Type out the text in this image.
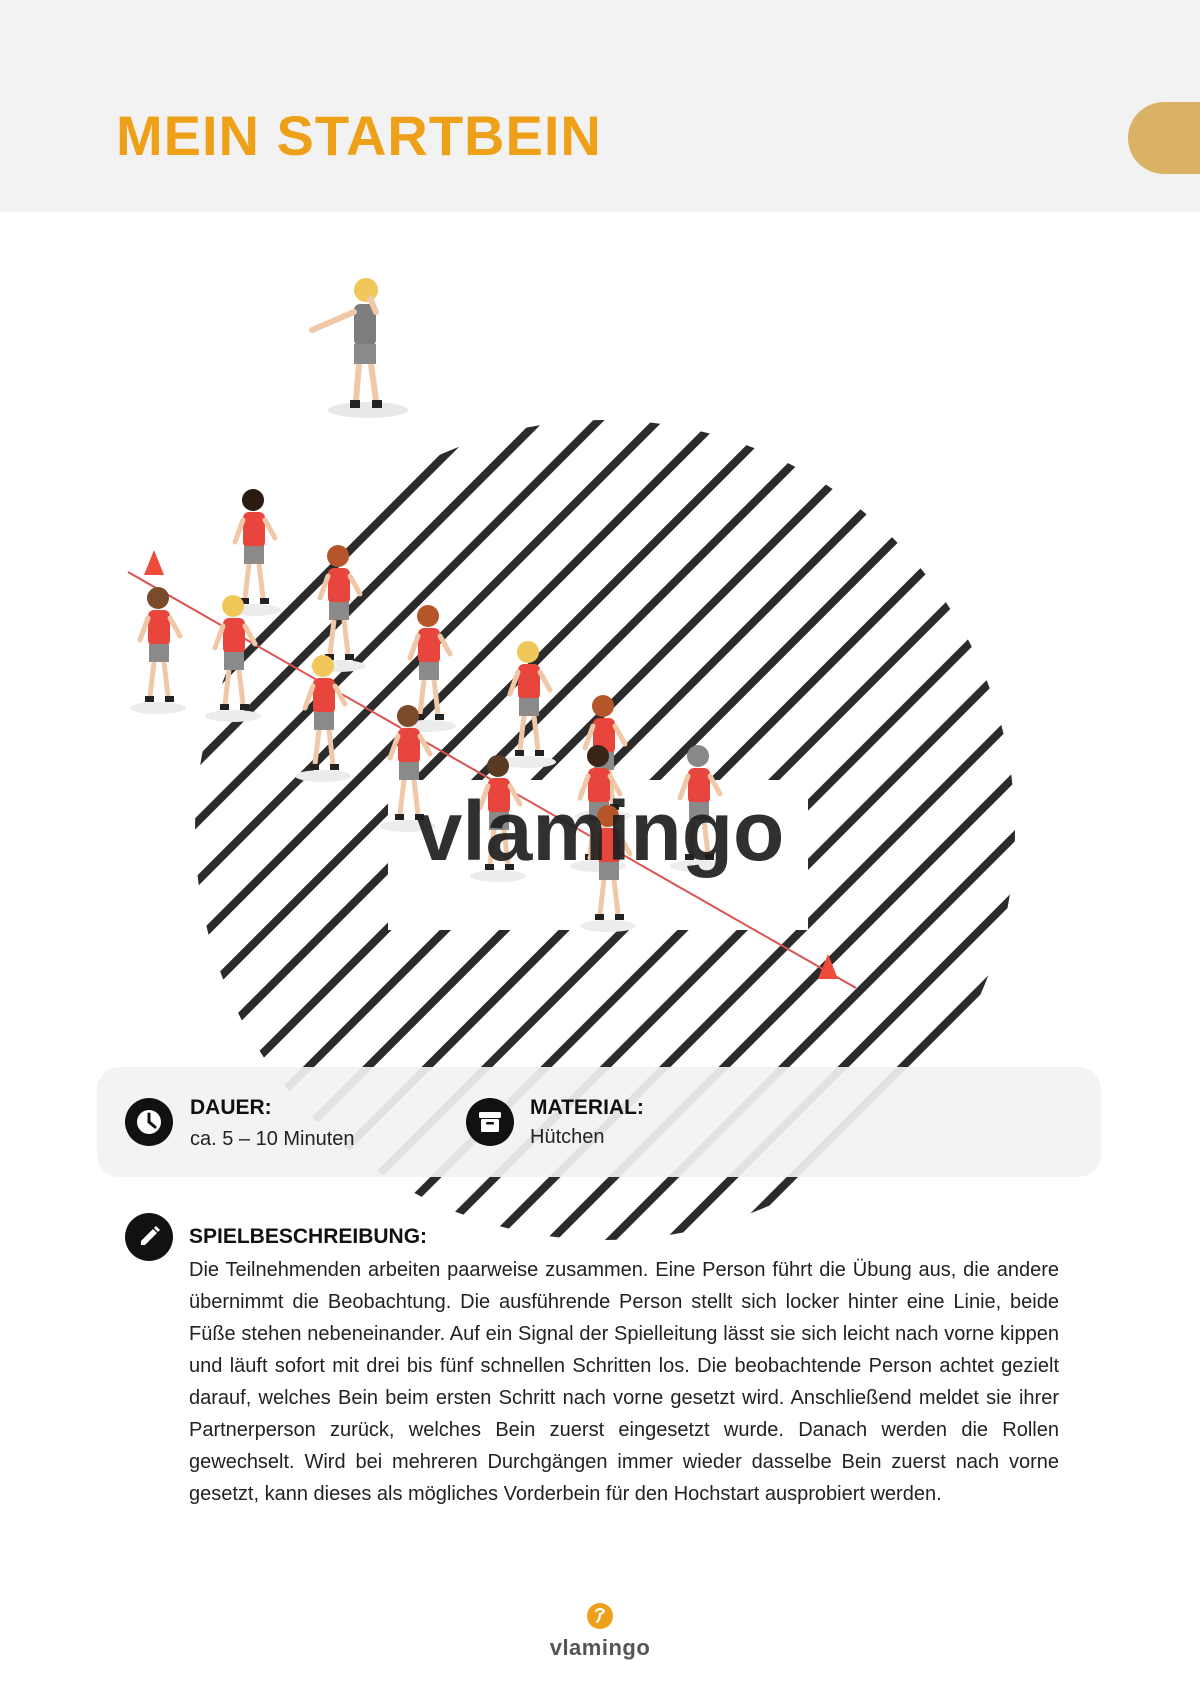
MEIN STARTBEIN
vlamingo
DAUER:
ca. 5 – 10 Minuten
MATERIAL:
Hütchen
SPIELBESCHREIBUNG:

Die Teilnehmenden arbeiten paarweise zusammen. Eine Person führt die Übung aus, die andere übernimmt die Beobachtung. Die ausführende Person stellt sich locker hinter eine Linie, beide Füße stehen nebeneinander. Auf ein Signal der Spielleitung lässt sie sich leicht nach vorne kippen und läuft sofort mit drei bis fünf schnellen Schritten los. Die beobachtende Person achtet gezielt darauf, welches Bein beim ersten Schritt nach vorne gesetzt wird. Anschließend meldet sie ihrer Partnerperson zurück, welches Bein zuerst eingesetzt wurde. Danach werden die Rollen gewechselt. Wird bei mehreren Durchgängen immer wieder dasselbe Bein zuerst nach vorne gesetzt, kann dieses als mögliches Vorderbein für den Hochstart ausprobiert werden.

vlamingo
